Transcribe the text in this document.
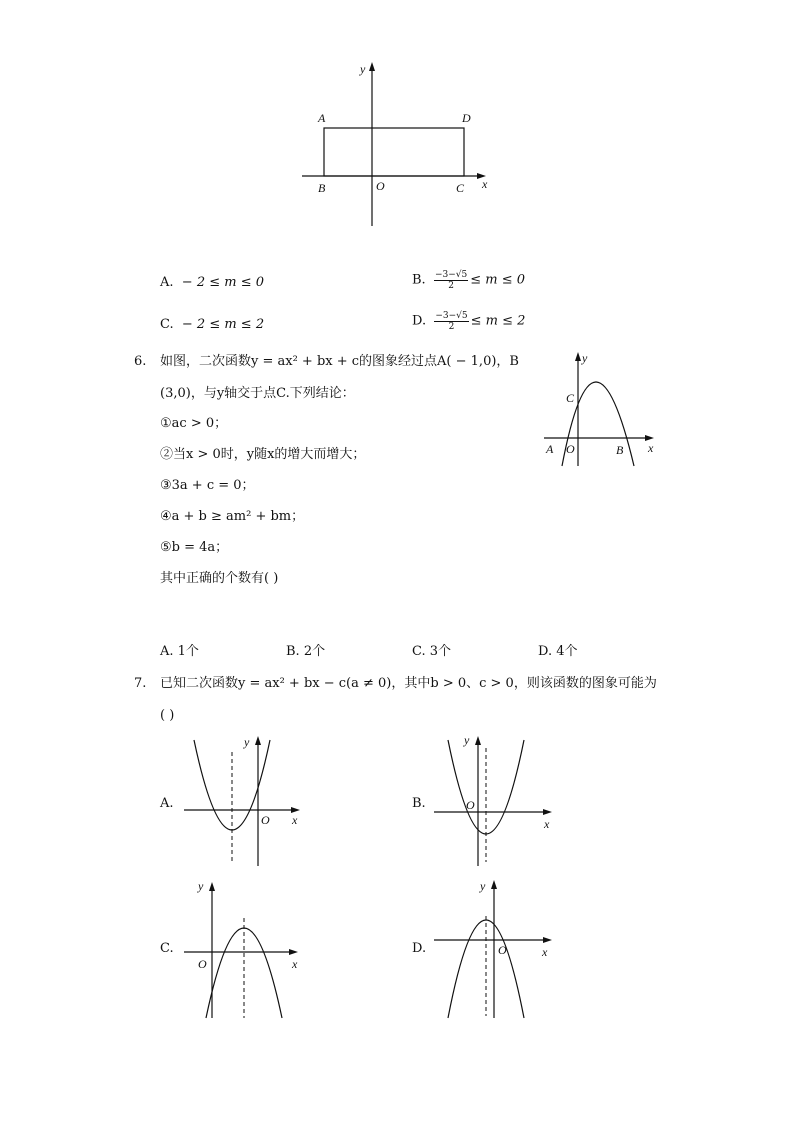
y
x
O
A
B	C
D
A. − 2 ≤ m ≤ 0	B. $\frac{-3-√5}{2} \le m \le 0$
C. − 2 ≤ m ≤ 2	D. $\frac{-3-√5}{2} \le m \le 2$
6. 如图，二次函数y = ax² + bx + c的图象经过点A( − 1,0)，B
(3,0)，与y轴交于点C.下列结论：
①ac > 0；
②当x > 0时，y随x的增大而增大；
③3a + c = 0；
④a + b ≥ am² + bm；
⑤b = 4a；
其中正确的个数有( )
y
x
C
A O	B
A. 1个	B. 2个	C. 3个	D. 4个
7. 已知二次函数y = ax² + bx − c(a ≠ 0)，其中b > 0、c > 0，则该函数的图象可能为
( )
A.
y
x
O
B.
y
x
O
C.
y
x
O
D.
y
x
O
